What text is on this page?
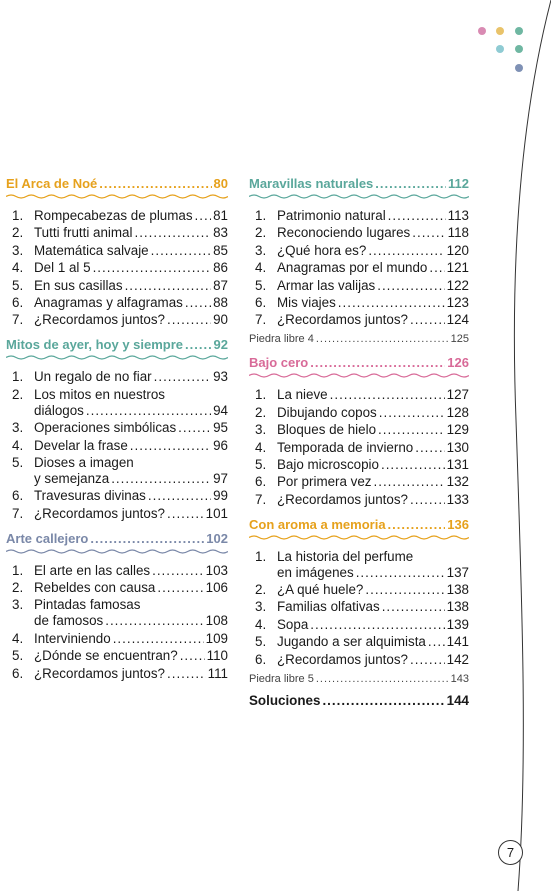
El Arca de Noé .....	80
1. Rompecabezas de plumas ..... 81
2. Tutti frutti animal .....	83
3. Matemática salvaje .....	85
4. Del 1 al 5 .....	86
5. En sus casillas .....	87
6. Anagramas y alfagramas ..... 88
7. ¿Recordamos juntos? .....	90
Mitos de ayer, hoy y siempre ..... 92
1. Un regalo de no fiar .....	93
2. Los mitos en nuestros
diálogos .....	94
3. Operaciones simbólicas .....	95
4. Develar la frase .....	96
5. Dioses a imagen
y semejanza .....	97
6. Travesuras divinas .....	99
7. ¿Recordamos juntos? .....	101
Arte callejero .....	102
1. El arte en las calles .....	103
2. Rebeldes con causa .....	106
3. Pintadas famosas
de famosos .....	108
4. Interviniendo .....	109
5. ¿Dónde se encuentran? ..... 110
6. ¿Recordamos juntos? .....	111
Maravillas naturales .....	112
1. Patrimonio natural .....	113
2. Reconociendo lugares .....	118
3. ¿Qué hora es? .....	120
4. Anagramas por el mundo ..... 121
5. Armar las valijas .....	122
6. Mis viajes .....	123
7. ¿Recordamos juntos? .....	124
Piedra libre 4 .....	125
Bajo cero .....	126
1. La nieve .....	127
2. Dibujando copos .....	128
3. Bloques de hielo .....	129
4. Temporada de invierno ..... 130
5. Bajo microscopio .....	131
6. Por primera vez .....	132
7. ¿Recordamos juntos? .....	133
Con aroma a memoria .....	136
1. La historia del perfume
en imágenes .....	137
2. ¿A qué huele? .....	138
3. Familias olfativas .....	138
4. Sopa .....	139
5. Jugando a ser alquimista ..... 141
6. ¿Recordamos juntos? .....	142
Piedra libre 5 .....	143
Soluciones .....	144
7
